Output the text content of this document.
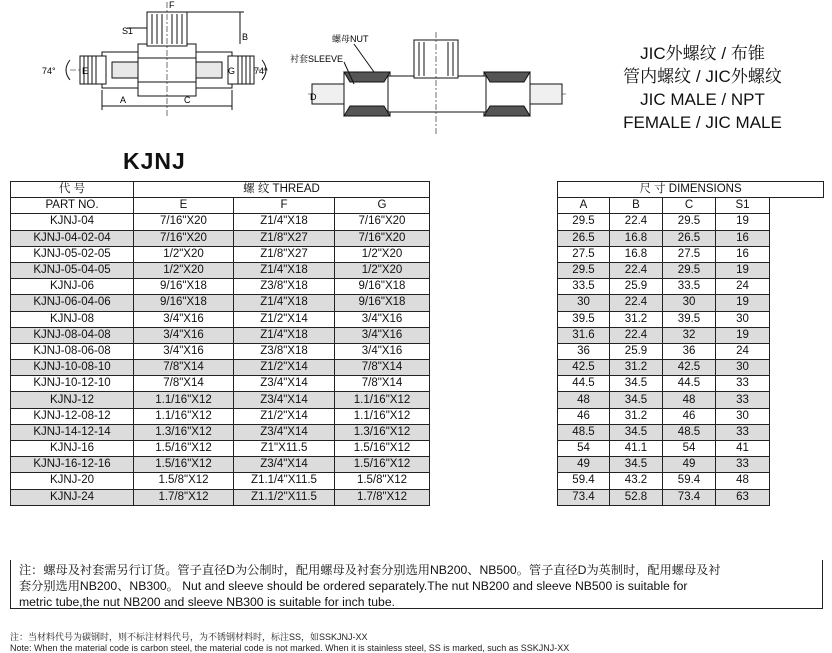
F
S1
E	G
B
A	C
74°	74°
螺母NUT
衬套SLEEVE
D
JIC外螺纹 / 布锥
管内螺纹 / JIC外螺纹
JIC MALE / NPT
FEMALE / JIC MALE
KJNJ
代 号	螺 纹 THREAD				尺 寸 DIMENSIONS				
PART NO.	E	F	G		A	B	C	S1	
KJNJ-04	7/16"X20	Z1/4"X18	7/16"X20		29.5	22.4	29.5	19	
KJNJ-04-02-04	7/16"X20	Z1/8"X27	7/16"X20		26.5	16.8	26.5	16	
KJNJ-05-02-05	1/2"X20	Z1/8"X27	1/2"X20		27.5	16.8	27.5	16	
KJNJ-05-04-05	1/2"X20	Z1/4"X18	1/2"X20		29.5	22.4	29.5	19	
KJNJ-06	9/16"X18	Z3/8"X18	9/16"X18		33.5	25.9	33.5	24	
KJNJ-06-04-06	9/16"X18	Z1/4"X18	9/16"X18		30	22.4	30	19	
KJNJ-08	3/4"X16	Z1/2"X14	3/4"X16		39.5	31.2	39.5	30	
KJNJ-08-04-08	3/4"X16	Z1/4"X18	3/4"X16		31.6	22.4	32	19	
KJNJ-08-06-08	3/4"X16	Z3/8"X18	3/4"X16		36	25.9	36	24	
KJNJ-10-08-10	7/8"X14	Z1/2"X14	7/8"X14		42.5	31.2	42.5	30	
KJNJ-10-12-10	7/8"X14	Z3/4"X14	7/8"X14		44.5	34.5	44.5	33	
KJNJ-12	1.1/16"X12	Z3/4"X14	1.1/16"X12		48	34.5	48	33	
KJNJ-12-08-12	1.1/16"X12	Z1/2"X14	1.1/16"X12		46	31.2	46	30	
KJNJ-14-12-14	1.3/16"X12	Z3/4"X14	1.3/16"X12		48.5	34.5	48.5	33	
KJNJ-16	1.5/16"X12	Z1"X11.5	1.5/16"X12		54	41.1	54	41	
KJNJ-16-12-16	1.5/16"X12	Z3/4"X14	1.5/16"X12		49	34.5	49	33	
KJNJ-20	1.5/8"X12	Z1.1/4"X11.5	1.5/8"X12		59.4	43.2	59.4	48	
KJNJ-24	1.7/8"X12	Z1.1/2"X11.5	1.7/8"X12		73.4	52.8	73.4	63	
注：螺母及衬套需另行订货。管子直径D为公制时，配用螺母及衬套分别选用NB200、NB500。管子直径D为英制时，配用螺母及衬
套分别选用NB200、NB300。 Nut and sleeve should be ordered separately.The nut NB200 and sleeve NB500 is suitable for
metric tube,the nut NB200 and sleeve NB300 is suitable for inch tube.
注：当材料代号为碳钢时，则不标注材料代号，为不锈钢材料时，标注SS，如SSKJNJ-XX
Note: When the material code is carbon steel, the material code is not marked. When it is stainless steel, SS is marked, such as SSKJNJ-XX
